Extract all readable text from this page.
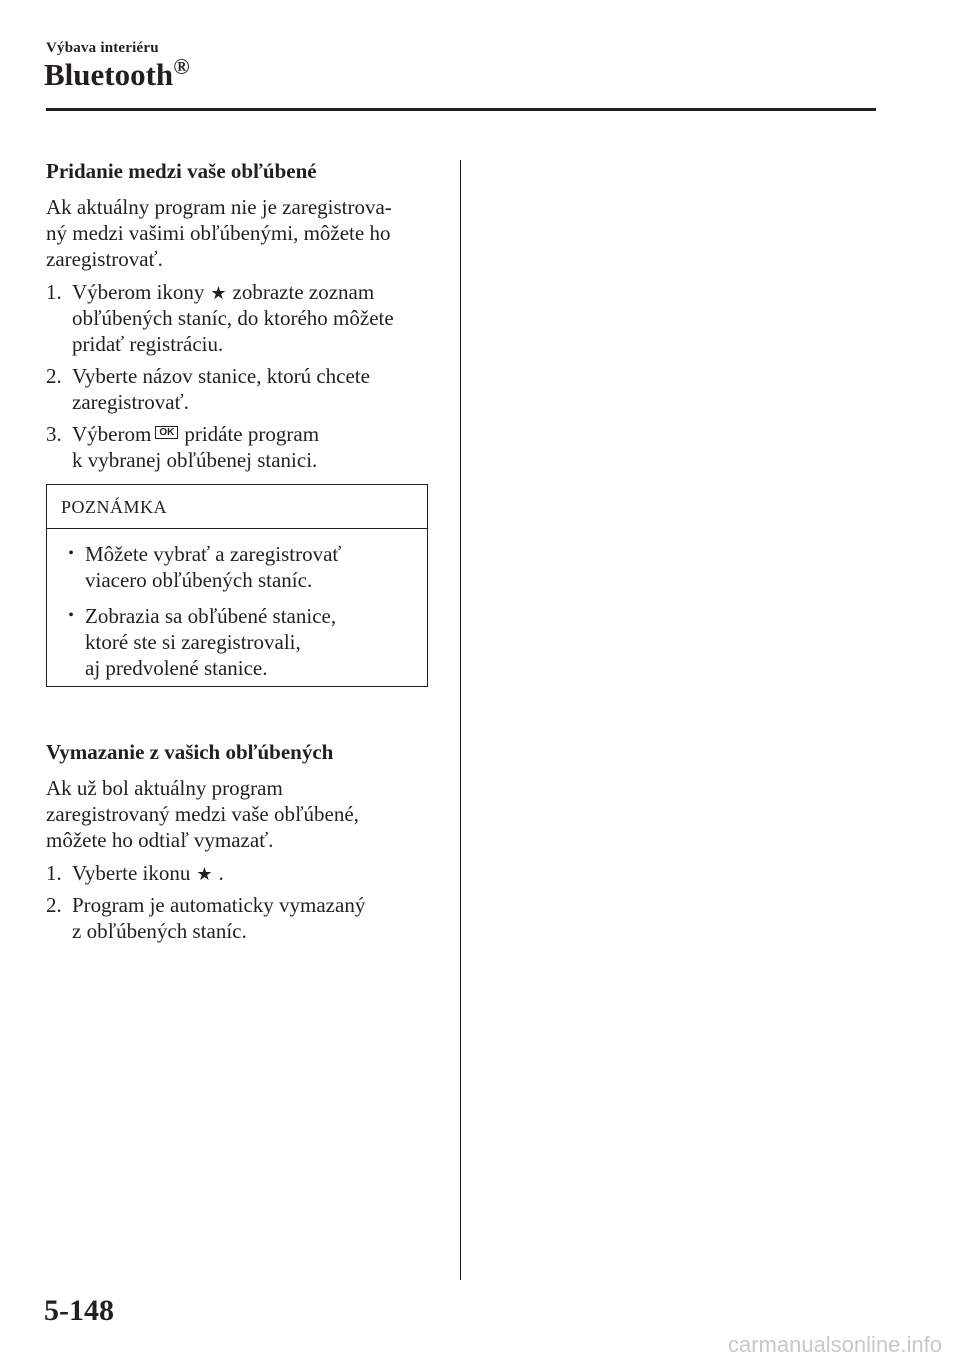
Výbava interiéru
Bluetooth®

Pridanie medzi vaše obľúbené

Ak aktuálny program nie je zaregistrova-
ný medzi vašimi obľúbenými, môžete ho
zaregistrovať.

1. Výberom ikony ★ zobrazte zoznam
obľúbených staníc, do ktorého môžete
pridať registráciu.
2. Vyberte názov stanice, ktorú chcete
zaregistrovať.
3. Výberom OK pridáte program
k vybranej obľúbenej stanici.
POZNÁMKA
• Môžete vybrať a zaregistrovať
viacero obľúbených staníc.
• Zobrazia sa obľúbené stanice,
ktoré ste si zaregistrovali,
aj predvolené stanice.

Vymazanie z vašich obľúbených

Ak už bol aktuálny program
zaregistrovaný medzi vaše obľúbené,
môžete ho odtiaľ vymazať.

1. Vyberte ikonu ★ .
2. Program je automaticky vymazaný
z obľúbených staníc.
5-148
carmanualsonline.info
